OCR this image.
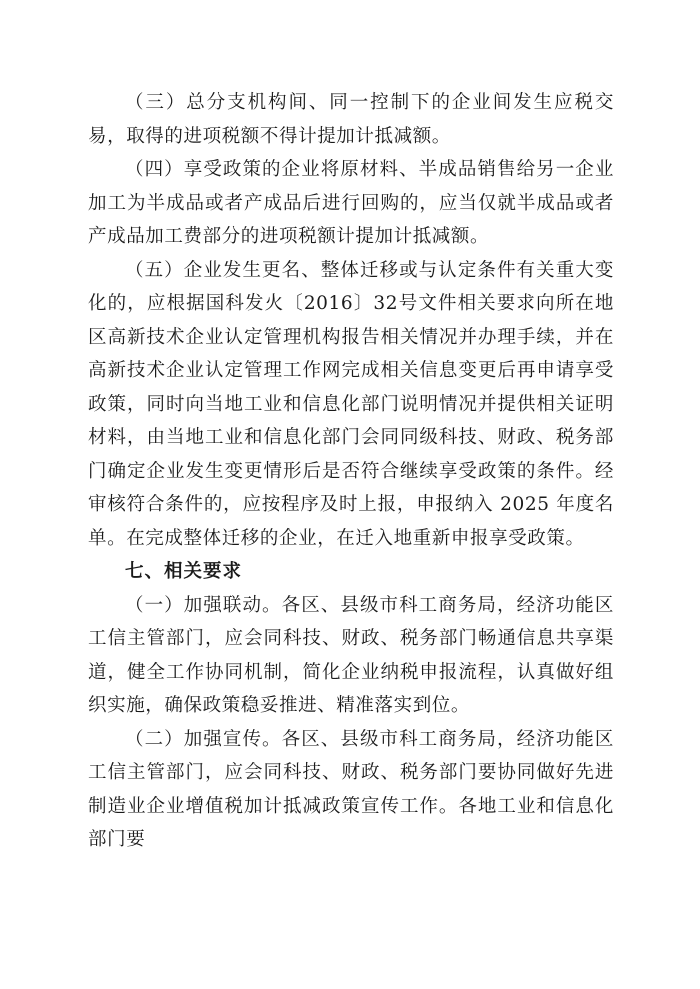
（三）总分支机构间、同一控制下的企业间发生应税交易，取得的进项税额不得计提加计抵减额。

（四）享受政策的企业将原材料、半成品销售给另一企业加工为半成品或者产成品后进行回购的，应当仅就半成品或者产成品加工费部分的进项税额计提加计抵减额。

（五）企业发生更名、整体迁移或与认定条件有关重大变化的，应根据国科发火〔2016〕32号文件相关要求向所在地区高新技术企业认定管理机构报告相关情况并办理手续，并在高新技术企业认定管理工作网完成相关信息变更后再申请享受政策，同时向当地工业和信息化部门说明情况并提供相关证明材料，由当地工业和信息化部门会同同级科技、财政、税务部门确定企业发生变更情形后是否符合继续享受政策的条件。经审核符合条件的，应按程序及时上报，申报纳入 2025 年度名单。在完成整体迁移的企业，在迁入地重新申报享受政策。

七、相关要求

（一）加强联动。各区、县级市科工商务局，经济功能区工信主管部门，应会同科技、财政、税务部门畅通信息共享渠道，健全工作协同机制，简化企业纳税申报流程，认真做好组织实施，确保政策稳妥推进、精准落实到位。

（二）加强宣传。各区、县级市科工商务局，经济功能区工信主管部门，应会同科技、财政、税务部门要协同做好先进制造业企业增值税加计抵减政策宣传工作。各地工业和信息化部门要
